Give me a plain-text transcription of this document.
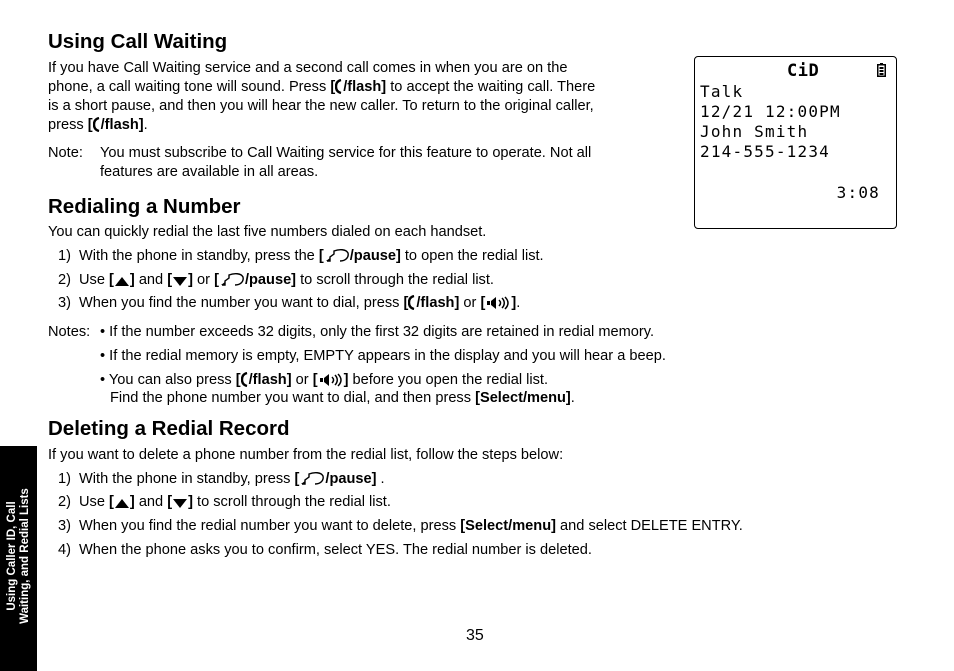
Using Call Waiting
If you have Call Waiting service and a second call comes in when you are on the
phone, a call waiting tone will sound. Press [ /flash] to accept the waiting call. There
is a short pause, and then you will hear the new caller. To return to the original caller,
press [ /flash].
Note: You must subscribe to Call Waiting service for this feature to operate. Not all
features are available in all areas.
CiD
Talk
12/21 12:00PM
John Smith
214-555-1234
3:08
Redialing a Number
You can quickly redial the last five numbers dialed on each handset.
1) With the phone in standby, press the [ /pause] to open the redial list.
2) Use [ ] and [ ] or [ /pause] to scroll through the redial list.
3) When you find the number you want to dial, press [ /flash] or [ ].
Notes: • If the number exceeds 32 digits, only the first 32 digits are retained in redial memory.
• If the redial memory is empty, EMPTY appears in the display and you will hear a beep.
• You can also press [ /flash] or [ ] before you open the redial list.
Find the phone number you want to dial, and then press [Select/menu].
Deleting a Redial Record
If you want to delete a phone number from the redial list, follow the steps below:
1) With the phone in standby, press [ /pause] .
2) Use [ ] and [ ] to scroll through the redial list.
3) When you find the redial number you want to delete, press [Select/menu] and select DELETE ENTRY.
4) When the phone asks you to confirm, select YES. The redial number is deleted.
Using Caller ID, Call Waiting, and Redial Lists
35
